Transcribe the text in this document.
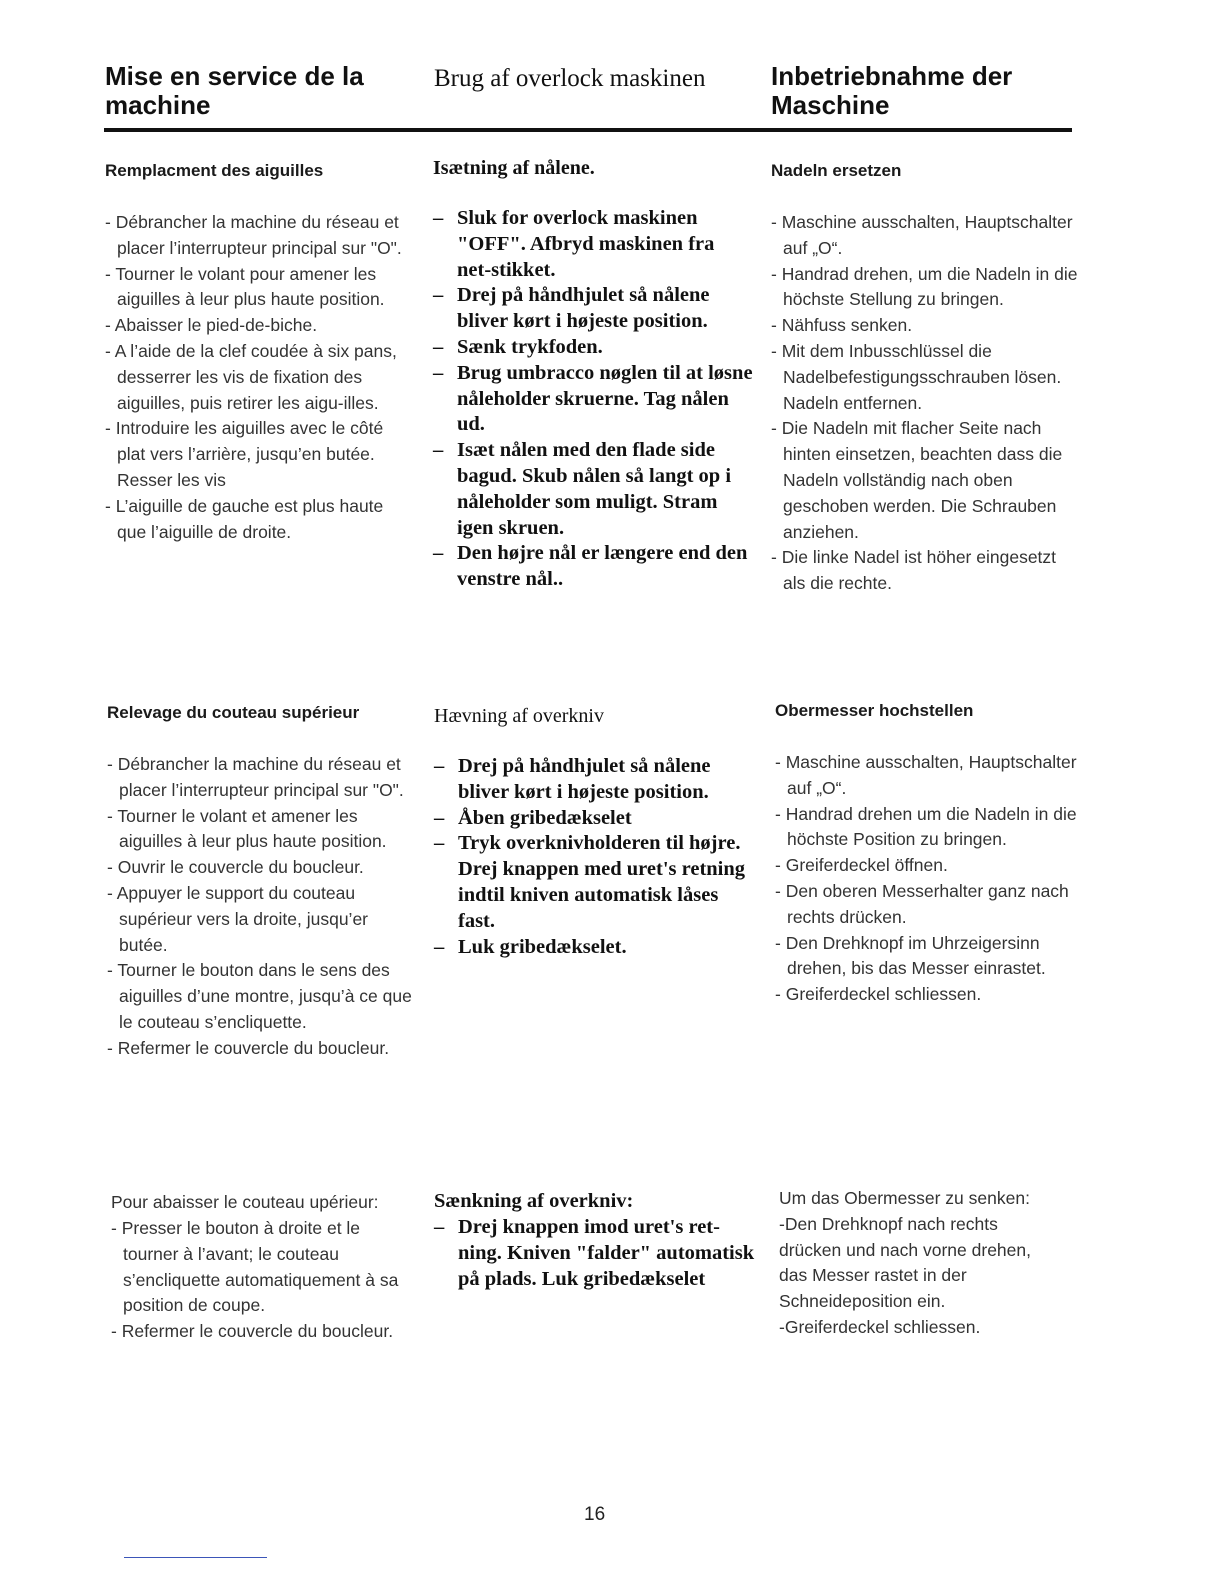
Mise en service de la machine
Brug af overlock maskinen	Inbetriebnahme der Maschine
Remplacment des aiguilles
- Débrancher la machine du réseau et placer l’interrupteur principal sur "O".
- Tourner le volant pour amener les aiguilles à leur plus haute position.
- Abaisser le pied-de-biche.
- A l’aide de la clef coudée à six pans, desserrer les vis de fixation des aiguilles, puis retirer les aigu-illes.
- Introduire les aiguilles avec le côté plat vers l’arrière, jusqu’en butée.
Resser les vis
- L’aiguille de gauche est plus haute que l’aiguille de droite.
Isætning af nålene.
– Sluk for overlock maskinen "OFF". Afbryd maskinen fra net-stikket.
– Drej på håndhjulet så nålene bliver kørt i højeste position.
– Sænk trykfoden.
– Brug umbracco nøglen til at løsne nåleholder skruerne. Tag nålen ud.
– Isæt nålen med den flade side bagud. Skub nålen så langt op i nåleholder som muligt. Stram igen skruen.
– Den højre nål er længere end den venstre nål..
Nadeln ersetzen
- Maschine ausschalten, Hauptschalter auf „O“.
- Handrad drehen, um die Nadeln in die höchste Stellung zu bringen.
- Nähfuss senken.
- Mit dem Inbusschlüssel die Nadelbefestigungsschrauben lösen. Nadeln entfernen.
- Die Nadeln mit flacher Seite nach hinten einsetzen, beachten dass die Nadeln vollständig nach oben geschoben werden. Die Schrauben anziehen.
- Die linke Nadel ist höher eingesetzt als die rechte.
Relevage du couteau supérieur
- Débrancher la machine du réseau et placer l’interrupteur principal sur "O".
- Tourner le volant et amener les aiguilles à leur plus haute position.
- Ouvrir le couvercle du boucleur.
- Appuyer le support du couteau supérieur vers la droite, jusqu’er butée.
- Tourner le bouton dans le sens des aiguilles d’une montre, jusqu’à ce que le couteau s’encliquette.
- Refermer le couvercle du boucleur.
Hævning af overkniv
– Drej på håndhjulet så nålene bliver kørt i højeste position.
– Åben gribedækselet
– Tryk overknivholderen til højre. Drej knappen med uret's retning indtil kniven automatisk låses fast.
– Luk gribedækselet.
Obermesser hochstellen
- Maschine ausschalten, Hauptschalter auf „O“.
- Handrad drehen um die Nadeln in die höchste Position zu bringen.
- Greiferdeckel öffnen.
- Den oberen Messerhalter ganz nach rechts drücken.
- Den Drehknopf im Uhrzeigersinn drehen, bis das Messer einrastet.
- Greiferdeckel schliessen.
Pour abaisser le couteau upérieur:
- Presser le bouton à droite et le tourner à l’avant; le couteau s’encliquette automatiquement à sa position de coupe.
- Refermer le couvercle du boucleur.
Sænkning af overkniv:
– Drej knappen imod uret's ret-ning. Kniven "falder" automatisk på plads. Luk gribedækselet
Um das Obermesser zu senken:
-Den Drehknopf nach rechts
drücken und nach vorne drehen,
das Messer rastet in der
Schneideposition ein.
-Greiferdeckel schliessen.
16
